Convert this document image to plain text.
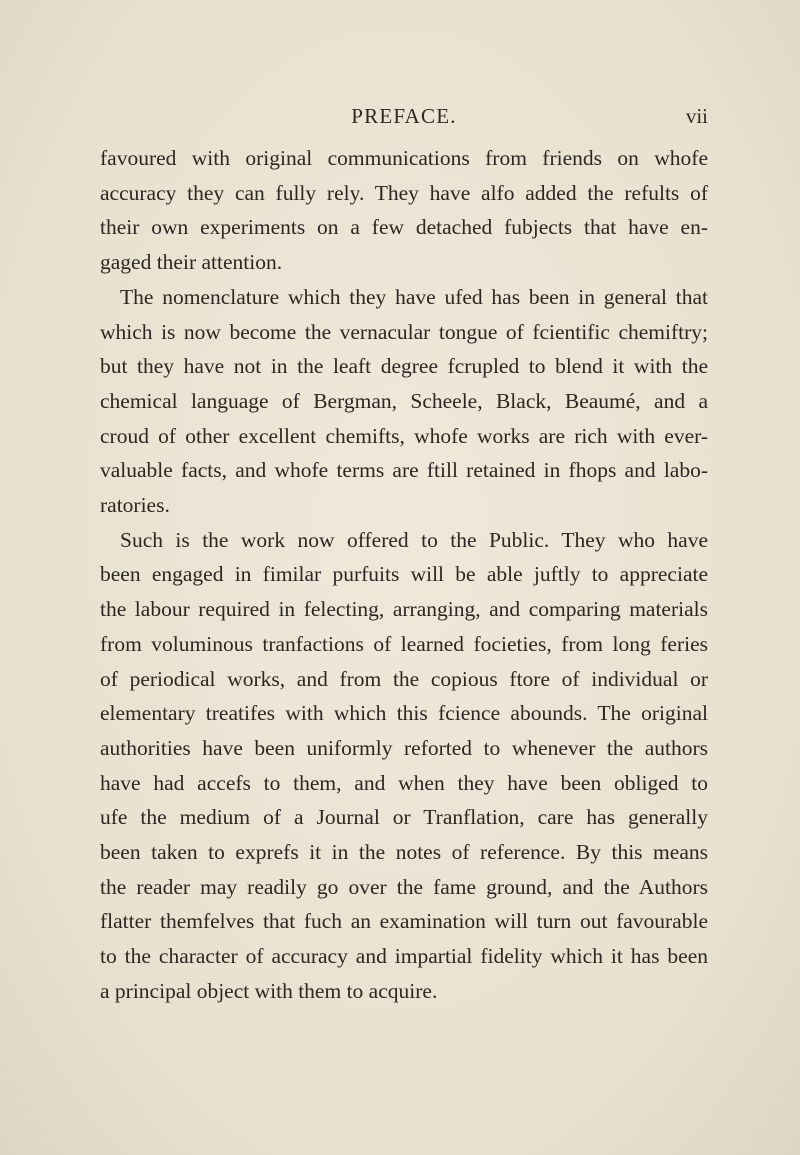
PREFACE.	vii

favoured with original communications from friends on whofe
accuracy they can fully rely. They have alfo added the refults of
their own experiments on a few detached fubjects that have en-
gaged their attention.

The nomenclature which they have ufed has been in general that
which is now become the vernacular tongue of fcientific chemiftry;
but they have not in the leaft degree fcrupled to blend it with the
chemical language of Bergman, Scheele, Black, Beaumé, and a
croud of other excellent chemifts, whofe works are rich with ever-
valuable facts, and whofe terms are ftill retained in fhops and labo-
ratories.

Such is the work now offered to the Public. They who have
been engaged in fimilar purfuits will be able juftly to appreciate
the labour required in felecting, arranging, and comparing materials
from voluminous tranfactions of learned focieties, from long feries
of periodical works, and from the copious ftore of individual or
elementary treatifes with which this fcience abounds. The original
authorities have been uniformly reforted to whenever the authors
have had accefs to them, and when they have been obliged to
ufe the medium of a Journal or Tranflation, care has generally
been taken to exprefs it in the notes of reference. By this means
the reader may readily go over the fame ground, and the Authors
flatter themfelves that fuch an examination will turn out favourable
to the character of accuracy and impartial fidelity which it has been
a principal object with them to acquire.
